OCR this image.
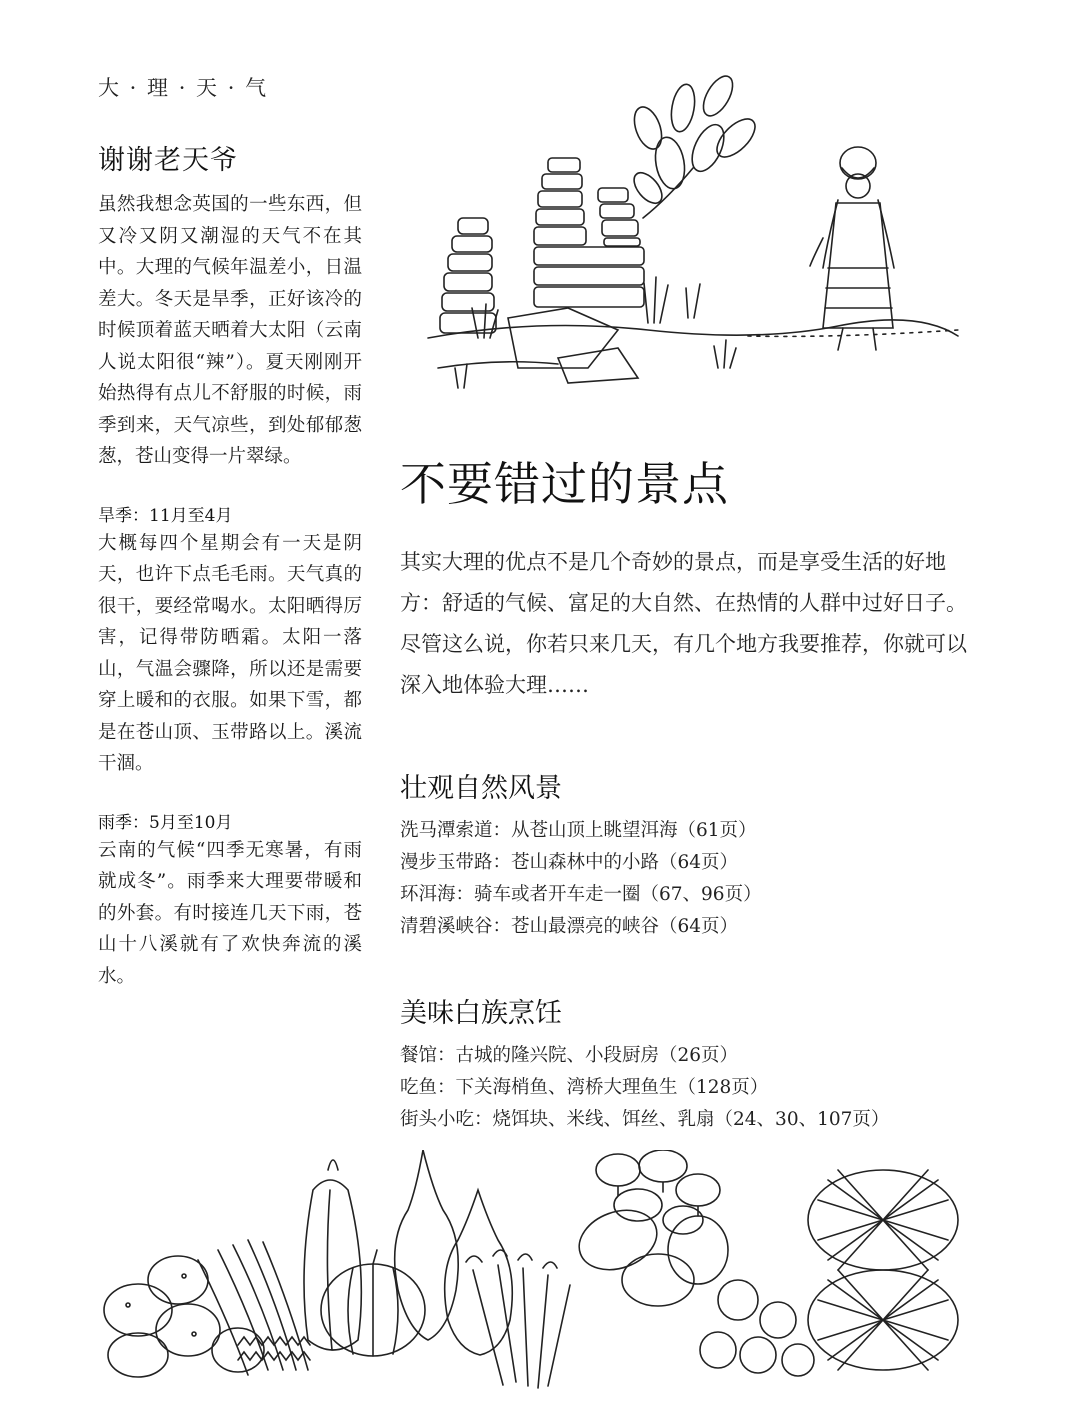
大 · 理 · 天 · 气
谢谢老天爷

虽然我想念英国的一些东西，但又冷又阴又潮湿的天气不在其中。大理的气候年温差小，日温差大。冬天是旱季，正好该冷的时候顶着蓝天晒着大太阳（云南人说太阳很“辣”）。夏天刚刚开始热得有点儿不舒服的时候，雨季到来，天气凉些，到处郁郁葱葱，苍山变得一片翠绿。

旱季：11月至4月

大概每四个星期会有一天是阴天，也许下点毛毛雨。天气真的很干，要经常喝水。太阳晒得厉害，记得带防晒霜。太阳一落山，气温会骤降，所以还是需要穿上暖和的衣服。如果下雪，都是在苍山顶、玉带路以上。溪流干涸。

雨季：5月至10月

云南的气候“四季无寒暑，有雨就成冬”。雨季来大理要带暖和的外套。有时接连几天下雨，苍山十八溪就有了欢快奔流的溪水。

不要错过的景点

其实大理的优点不是几个奇妙的景点，而是享受生活的好地方：舒适的气候、富足的大自然、在热情的人群中过好日子。尽管这么说，你若只来几天，有几个地方我要推荐，你就可以深入地体验大理……

壮观自然风景
洗马潭索道：从苍山顶上眺望洱海（61页）
漫步玉带路：苍山森林中的小路（64页）
环洱海：骑车或者开车走一圈（67、96页）
清碧溪峡谷：苍山最漂亮的峡谷（64页）
美味白族烹饪
餐馆：古城的隆兴院、小段厨房（26页）
吃鱼：下关海梢鱼、湾桥大理鱼生（128页）
街头小吃：烧饵块、米线、饵丝、乳扇（24、30、107页）
